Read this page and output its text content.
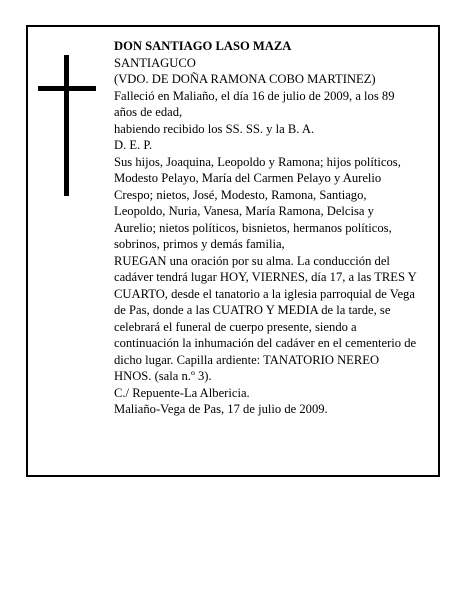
DON SANTIAGO LASO MAZA
SANTIAGUCO
(VDO. DE DOÑA RAMONA COBO MARTINEZ)
Falleció en Maliaño, el día 16 de julio de 2009, a los 89 años de edad,
habiendo recibido los SS. SS. y la B. A.
D. E. P.
Sus hijos, Joaquina, Leopoldo y Ramona; hijos políticos, Modesto Pelayo, María del Carmen Pelayo y Aurelio Crespo; nietos, José, Modesto, Ramona, Santiago, Leopoldo, Nuria, Vanesa, María Ramona, Delcisa y Aurelio; nietos políticos, bisnietos, hermanos políticos, sobrinos, primos y demás familia,
RUEGAN una oración por su alma. La conducción del cadáver tendrá lugar HOY, VIERNES, día 17, a las TRES Y CUARTO, desde el tanatorio a la iglesia parroquial de Vega de Pas, donde a las CUATRO Y MEDIA de la tarde, se celebrará el funeral de cuerpo presente, siendo a continuación la inhumación del cadáver en el cementerio de dicho lugar. Capilla ardiente: TANATORIO NEREO HNOS. (sala n.º 3).
C./ Repuente-La Albericia.
Maliaño-Vega de Pas, 17 de julio de 2009.
